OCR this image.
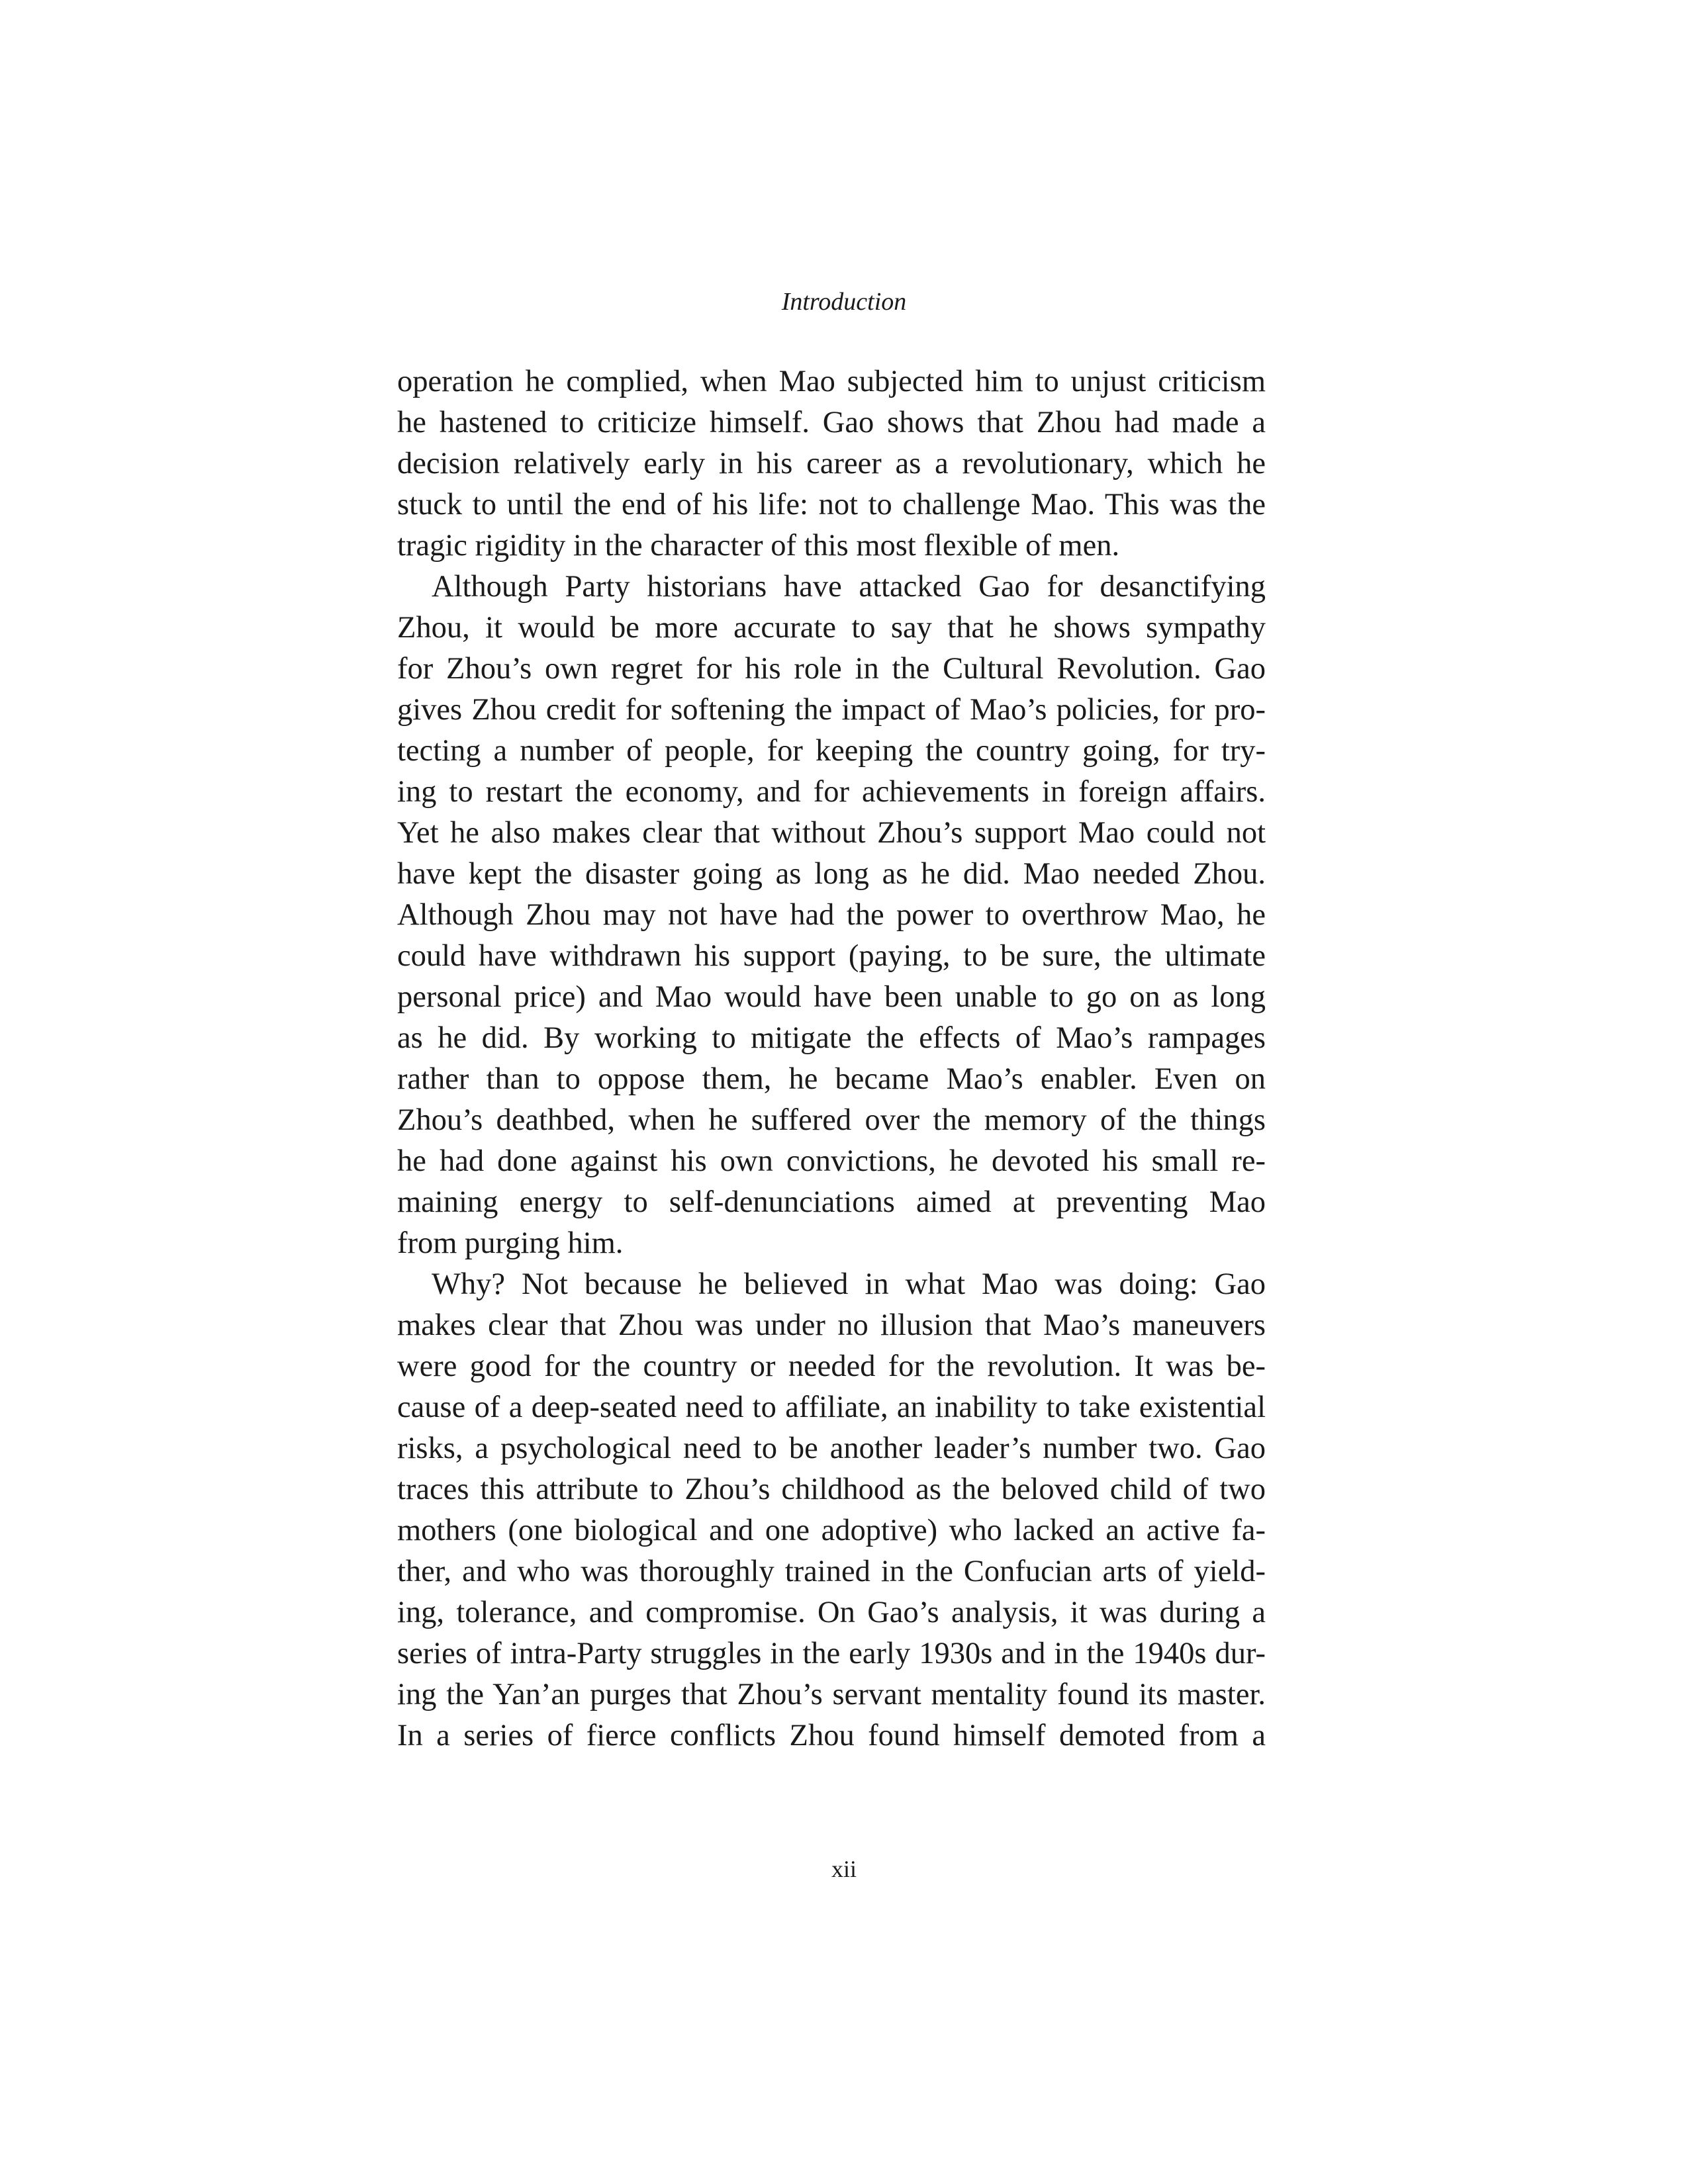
Introduction
operation he complied, when Mao subjected him to unjust criticism
he hastened to criticize himself. Gao shows that Zhou had made a
decision relatively early in his career as a revolutionary, which he
stuck to until the end of his life: not to challenge Mao. This was the
tragic rigidity in the character of this most flexible of men.
Although Party historians have attacked Gao for desanctifying
Zhou, it would be more accurate to say that he shows sympathy
for Zhou’s own regret for his role in the Cultural Revolution. Gao
gives Zhou credit for softening the impact of Mao’s policies, for pro-
tecting a number of people, for keeping the country going, for try-
ing to restart the economy, and for achievements in foreign affairs.
Yet he also makes clear that without Zhou’s support Mao could not
have kept the disaster going as long as he did. Mao needed Zhou.
Although Zhou may not have had the power to overthrow Mao, he
could have withdrawn his support (paying, to be sure, the ultimate
personal price) and Mao would have been unable to go on as long
as he did. By working to mitigate the effects of Mao’s rampages
rather than to oppose them, he became Mao’s enabler. Even on
Zhou’s deathbed, when he suffered over the memory of the things
he had done against his own convictions, he devoted his small re-
maining energy to self-denunciations aimed at preventing Mao
from purging him.
Why? Not because he believed in what Mao was doing: Gao
makes clear that Zhou was under no illusion that Mao’s maneuvers
were good for the country or needed for the revolution. It was be-
cause of a deep-seated need to affiliate, an inability to take existential
risks, a psychological need to be another leader’s number two. Gao
traces this attribute to Zhou’s childhood as the beloved child of two
mothers (one biological and one adoptive) who lacked an active fa-
ther, and who was thoroughly trained in the Confucian arts of yield-
ing, tolerance, and compromise. On Gao’s analysis, it was during a
series of intra-Party struggles in the early 1930s and in the 1940s dur-
ing the Yan’an purges that Zhou’s servant mentality found its master.
In a series of fierce conflicts Zhou found himself demoted from a
xii
